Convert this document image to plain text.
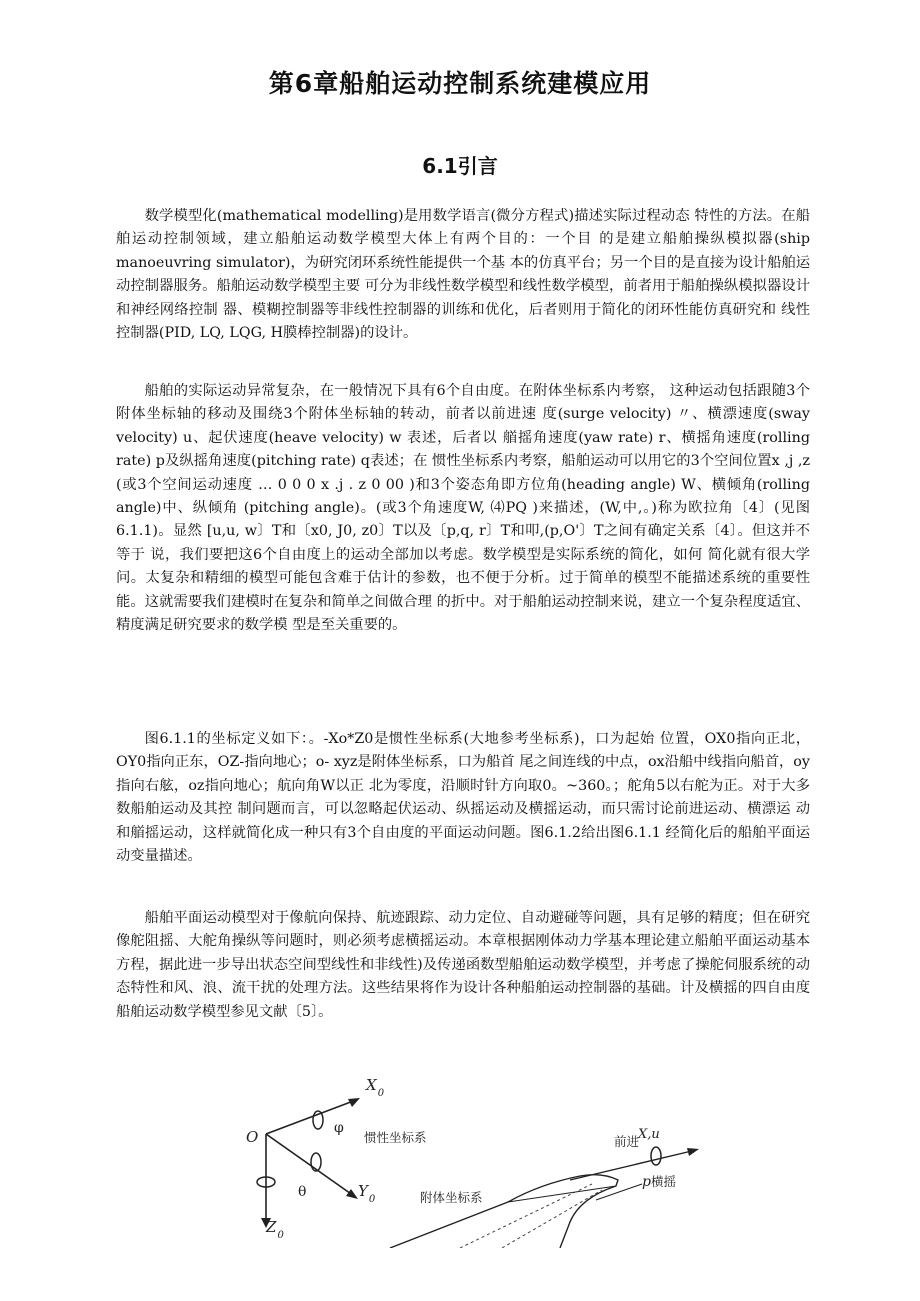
第6章船舶运动控制系统建模应用
6.1引言

数学模型化(mathematical modelling)是用数学语言(微分方程式)描述实际过程动态 特性的方法。在船舶运动控制领域，建立船舶运动数学模型大体上有两个目的：一个目 的是建立船舶操纵模拟器(ship manoeuvring simulator)，为研究闭环系统性能提供一个基 本的仿真平台；另一个目的是直接为设计船舶运动控制器服务。船舶运动数学模型主要 可分为非线性数学模型和线性数学模型，前者用于船舶操纵模拟器设计和神经网络控制 器、模糊控制器等非线性控制器的训练和优化，后者则用于简化的闭环性能仿真研究和 线性控制器(PID, LQ, LQG, H膜棒控制器)的设计。

船舶的实际运动异常复杂，在一般情况下具有6个自由度。在附体坐标系内考察， 这种运动包括跟随3个附体坐标轴的移动及围绕3个附体坐标轴的转动，前者以前进速 度(surge velocity) 〃、横漂速度(sway velocity) u、起伏速度(heave velocity) w 表述，后者以 艏摇角速度(yaw rate) r、横摇角速度(rolling rate) p及纵摇角速度(pitching rate) q表述；在 惯性坐标系内考察，船舶运动可以用它的3个空间位置x ,j ,z (或3个空间运动速度 … 0 0 0 x .j . z 0 00 )和3个姿态角即方位角(heading angle) W、横倾角(rolling angle)中、纵倾角 (pitching angle)。(或3个角速度W, ⑷PQ )来描述，(W,中,。)称为欧拉角〔4〕(见图6.1.1)。显然 [u,u, w〕T和〔x0, J0, z0〕T以及〔p,q, r〕T和叩,(p,O'〕T之间有确定关系〔4〕。但这并不等于 说，我们要把这6个自由度上的运动全部加以考虑。数学模型是实际系统的简化，如何 简化就有很大学问。太复杂和精细的模型可能包含难于估计的参数，也不便于分析。过于简单的模型不能描述系统的重要性能。这就需要我们建模时在复杂和简单之间做合理 的折中。对于船舶运动控制来说，建立一个复杂程度适宜、精度满足研究要求的数学模 型是至关重要的。

图6.1.1的坐标定义如下：。-Xo*Z0是惯性坐标系(大地参考坐标系)，口为起始 位置，OX0指向正北，OY0指向正东，OZ-指向地心；o- xyz是附体坐标系，口为船首 尾之间连线的中点，ox沿船中线指向船首，oy指向右舷，oz指向地心；航向角W以正 北为零度，沿顺时针方向取0。~360。；舵角5以右舵为正。对于大多数船舶运动及其控 制问题而言，可以忽略起伏运动、纵摇运动及横摇运动，而只需讨论前进运动、横漂运 动和艏摇运动，这样就简化成一种只有3个自由度的平面运动问题。图6.1.2给出图6.1.1 经简化后的船舶平面运动变量描述。

船舶平面运动模型对于像航向保持、航迹跟踪、动力定位、自动避碰等问题，具有足够的精度；但在研究像舵阻摇、大舵角操纵等问题时，则必须考虑横摇运动。本章根据刚体动力学基本理论建立船舶平面运动基本方程，据此进一步导出状态空间型线性和非线性)及传递函数型船舶运动数学模型，并考虑了操舵伺服系统的动态特性和风、浪、流干扰的处理方法。这些结果将作为设计各种船舶运动控制器的基础。计及横摇的四自由度船舶运动数学模型参见文献〔5〕。

O
$X_0$
$Y_0$
$Z_0$
φ
θ
惯性坐标系
附体坐标系
前进
X,u
p 横摇
